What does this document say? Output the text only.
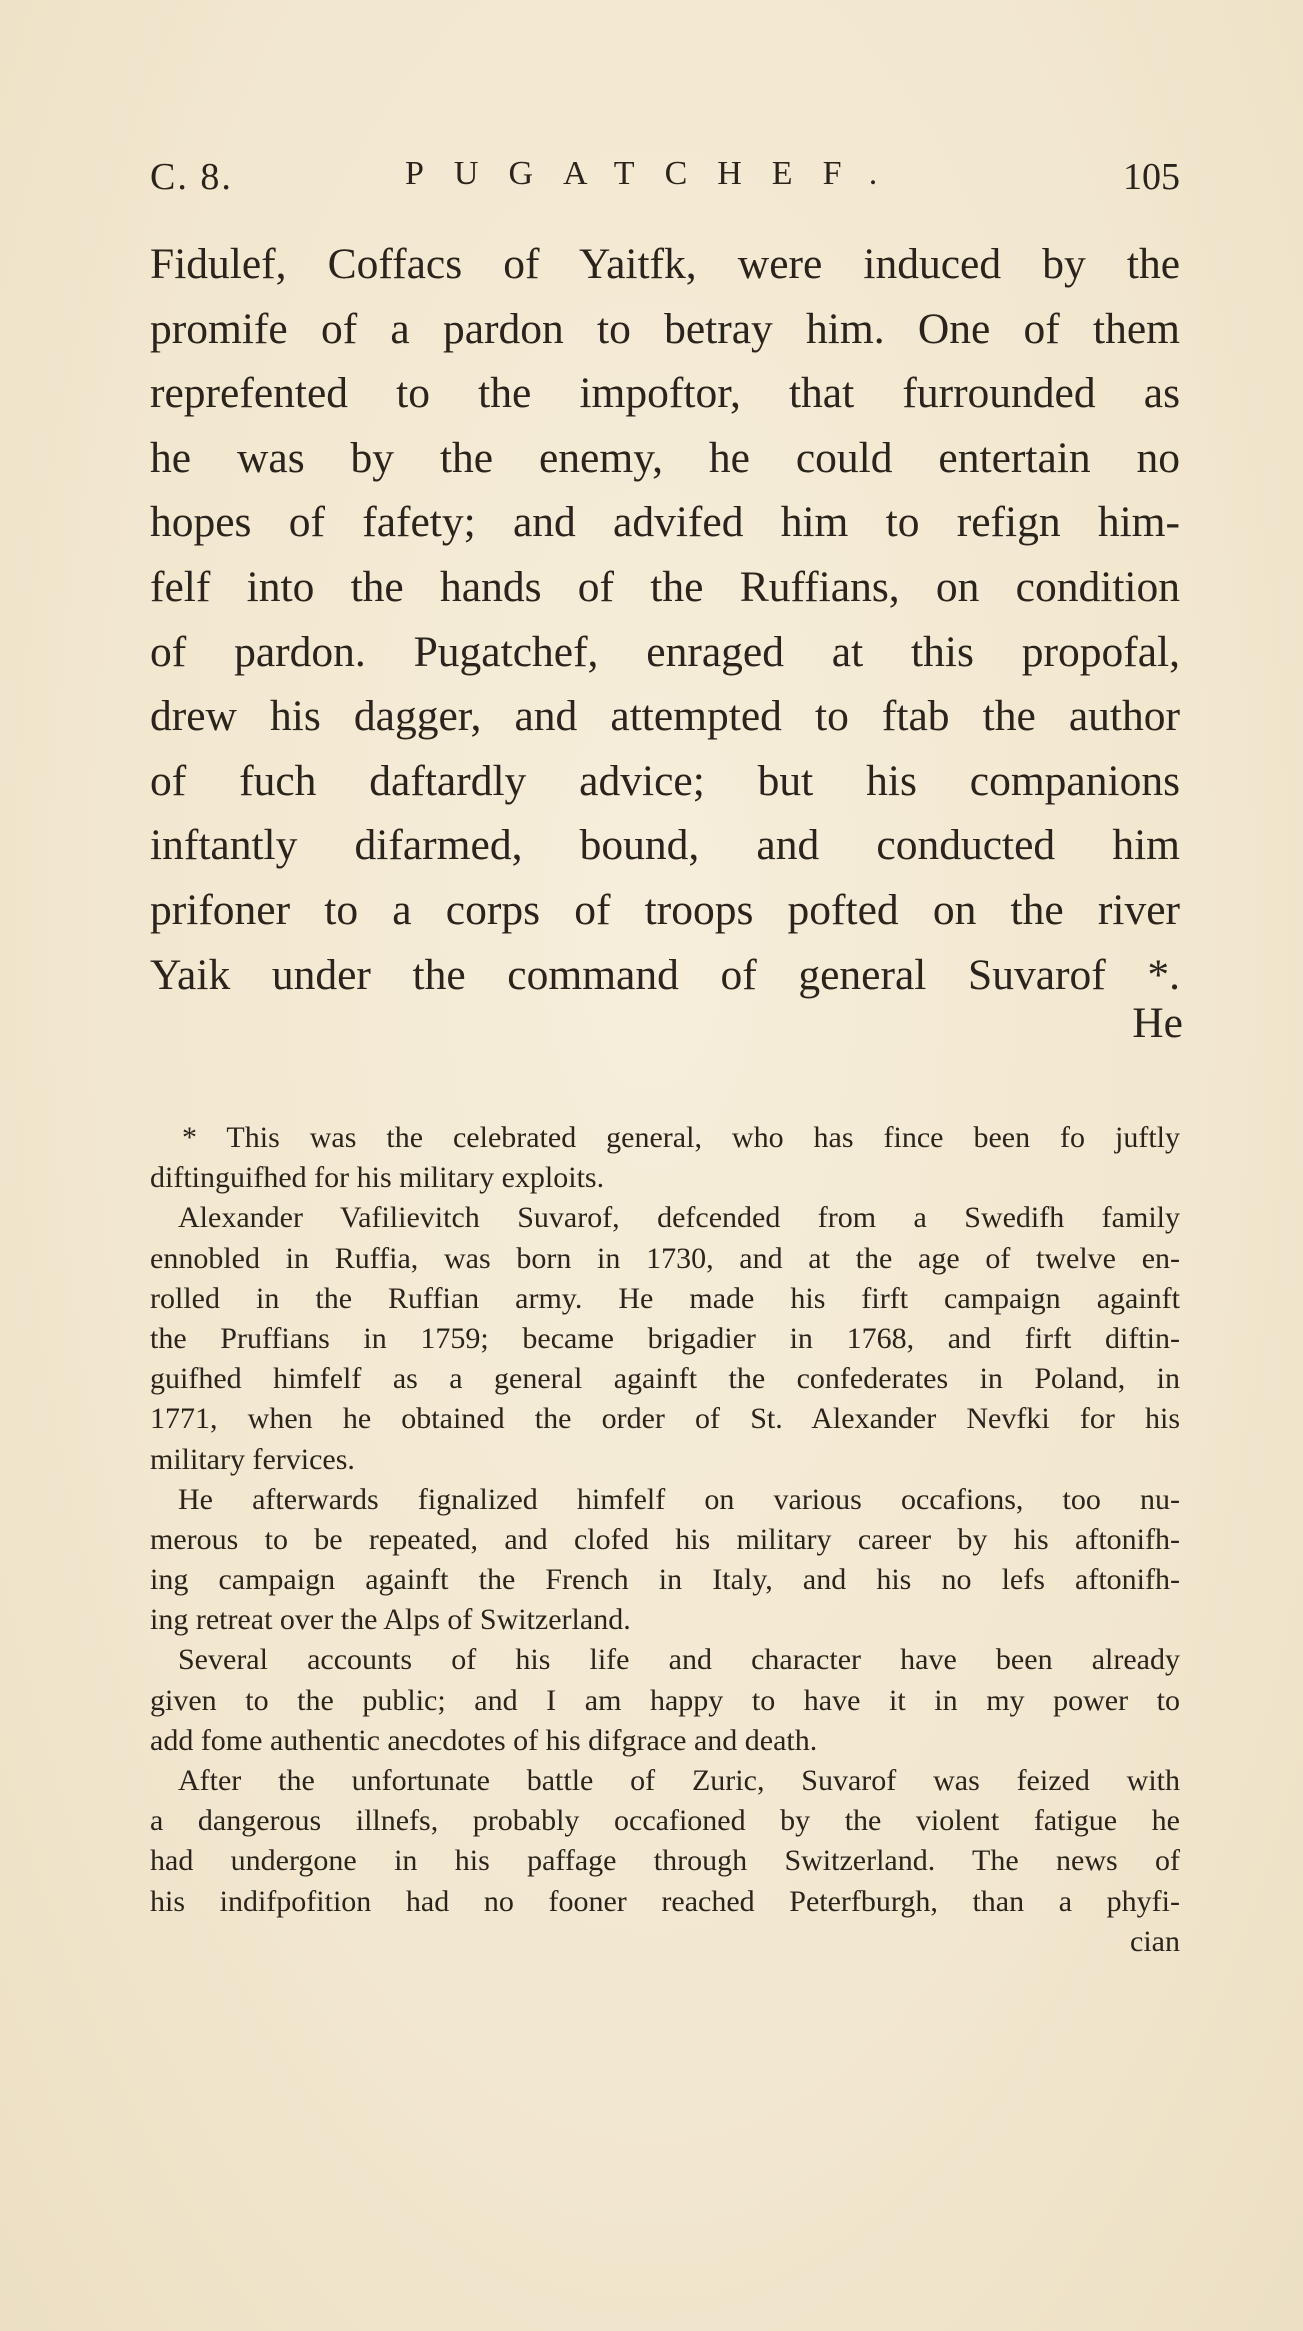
C. 8.	PUGATCHEF.	105
Fidulef, Coffacs of Yaitfk, were induced by the
promife of a pardon to betray him. One of them
reprefented to the impoftor, that furrounded as
he was by the enemy, he could entertain no
hopes of fafety; and advifed him to refign him-
felf into the hands of the Ruffians, on condition
of pardon. Pugatchef, enraged at this propofal,
drew his dagger, and attempted to ftab the author
of fuch daftardly advice; but his companions
inftantly difarmed, bound, and conducted him
prifoner to a corps of troops pofted on the river
Yaik under the command of general Suvarof *.
He
* This was the celebrated general, who has fince been fo juftly
diftinguifhed for his military exploits.
Alexander Vafilievitch Suvarof, defcended from a Swedifh family
ennobled in Ruffia, was born in 1730, and at the age of twelve en-
rolled in the Ruffian army. He made his firft campaign againft
the Pruffians in 1759; became brigadier in 1768, and firft diftin-
guifhed himfelf as a general againft the confederates in Poland, in
1771, when he obtained the order of St. Alexander Nevfki for his
military fervices.
He afterwards fignalized himfelf on various occafions, too nu-
merous to be repeated, and clofed his military career by his aftonifh-
ing campaign againft the French in Italy, and his no lefs aftonifh-
ing retreat over the Alps of Switzerland.
Several accounts of his life and character have been already
given to the public; and I am happy to have it in my power to
add fome authentic anecdotes of his difgrace and death.
After the unfortunate battle of Zuric, Suvarof was feized with
a dangerous illnefs, probably occafioned by the violent fatigue he
had undergone in his paffage through Switzerland. The news of
his indifpofition had no fooner reached Peterfburgh, than a phyfi-
cian
